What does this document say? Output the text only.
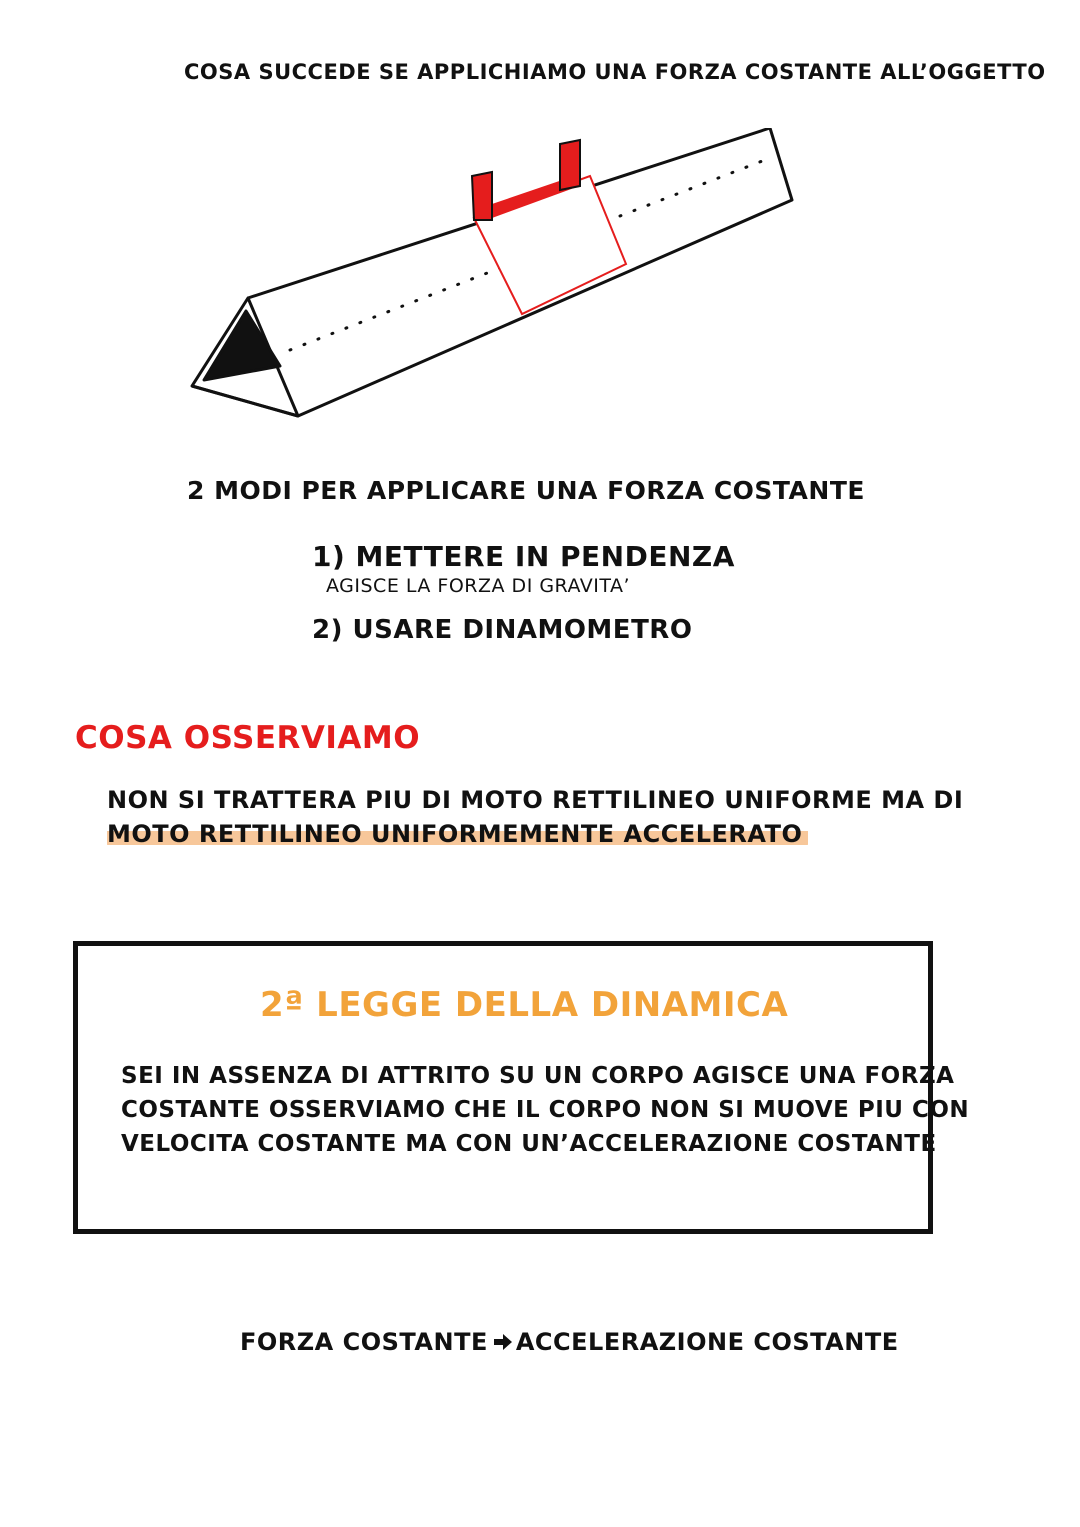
COSA SUCCEDE SE APPLICHIAMO UNA FORZA COSTANTE ALL’OGGETTO

2 MODI PER APPLICARE UNA FORZA COSTANTE

1) METTERE IN PENDENZA

AGISCE LA FORZA DI GRAVITA’

2) USARE DINAMOMETRO

COSA OSSERVIAMO

NON SI TRATTERA PIU DI MOTO RETTILINEO UNIFORME MA DI

MOTO RETTILINEO UNIFORMEMENTE ACCELERATO

2ª LEGGE DELLA DINAMICA

SEI IN ASSENZA DI ATTRITO SU UN CORPO AGISCE UNA FORZA

COSTANTE OSSERVIAMO CHE IL CORPO NON SI MUOVE PIU CON

VELOCITA COSTANTE MA CON UN’ACCELERAZIONE COSTANTE

FORZA COSTANTE ACCELERAZIONE COSTANTE
